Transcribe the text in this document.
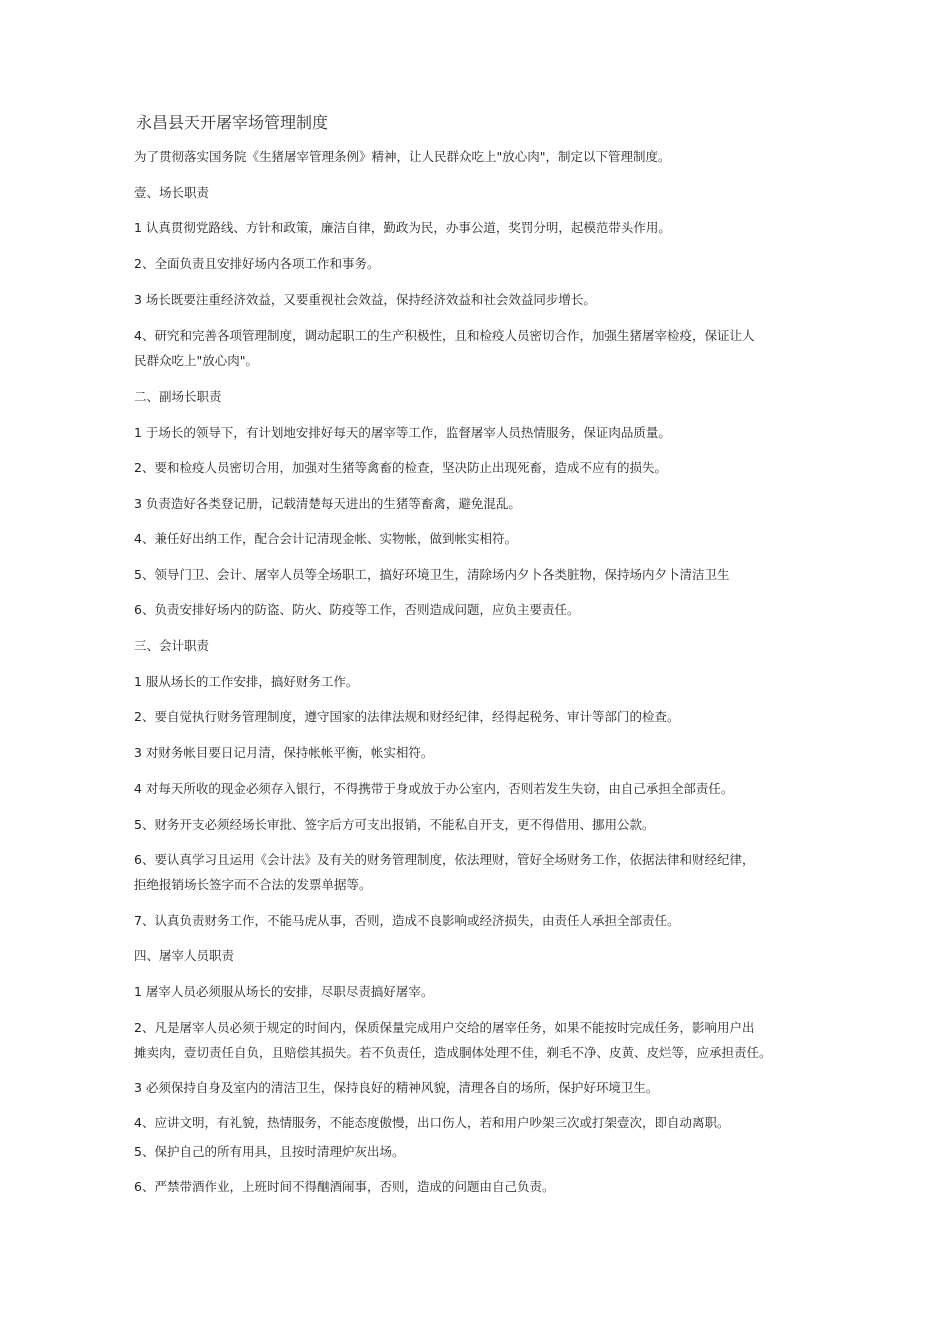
永昌县天开屠宰场管理制度
为了贯彻落实国务院《生猪屠宰管理条例》精神，让人民群众吃上"放心肉"，制定以下管理制度。
壹、场长职责
1 认真贯彻党路线、方针和政策，廉洁自律，勤政为民，办事公道，奖罚分明，起模范带头作用。
2、全面负责且安排好场内各项工作和事务。
3 场长既要注重经济效益，又要重视社会效益，保持经济效益和社会效益同步增长。
4、研究和完善各项管理制度，调动起职工的生产积极性，且和检疫人员密切合作，加强生猪屠宰检疫，保证让人
民群众吃上"放心肉"。
二、副场长职责
1 于场长的领导下，有计划地安排好每天的屠宰等工作，监督屠宰人员热情服务，保证肉品质量。
2、要和检疫人员密切合用，加强对生猪等禽畜的检查，坚决防止出现死畜，造成不应有的损失。
3 负责造好各类登记册，记载清楚每天进出的生猪等畜禽，避免混乱。
4、兼任好出纳工作，配合会计记清现金帐、实物帐，做到帐实相符。
5、领导门卫、会计、屠宰人员等全场职工，搞好环境卫生，清除场内夕卜各类脏物，保持场内夕卜清洁卫生
6、负责安排好场内的防盗、防火、防疫等工作，否则造成问题，应负主要责任。
三、会计职责
1 服从场长的工作安排，搞好财务工作。
2、要自觉执行财务管理制度，遵守国家的法律法规和财经纪律，经得起税务、审计等部门的检查。
3 对财务帐目要日记月清，保持帐帐平衡，帐实相符。
4 对每天所收的现金必须存入银行，不得携带于身或放于办公室内，否则若发生失窃，由自己承担全部责任。
5、财务开支必须经场长审批、签字后方可支出报销，不能私自开支，更不得借用、挪用公款。
6、要认真学习且运用《会计法》及有关的财务管理制度，依法理财，管好全场财务工作，依据法律和财经纪律，
拒绝报销场长签字而不合法的发票单据等。
7、认真负责财务工作，不能马虎从事，否则，造成不良影响或经济损失，由责任人承担全部责任。
四、屠宰人员职责
1 屠宰人员必须服从场长的安排，尽职尽责搞好屠宰。
2、凡是屠宰人员必须于规定的时间内，保质保量完成用户交给的屠宰任务，如果不能按时完成任务，影响用户出
摊卖肉，壹切责任自负，且赔偿其损失。若不负责任，造成胴体处理不佳，剃毛不净、皮黄、皮烂等，应承担责任。
3 必须保持自身及室内的清洁卫生，保持良好的精神风貌，清理各自的场所，保护好环境卫生。
4、应讲文明，有礼貌，热情服务，不能态度傲慢，出口伤人，若和用户吵架三次或打架壹次，即自动离职。
5、保护自己的所有用具，且按时清理炉灰出场。
6、严禁带酒作业，上班时间不得酗酒闹事，否则，造成的问题由自己负责。
